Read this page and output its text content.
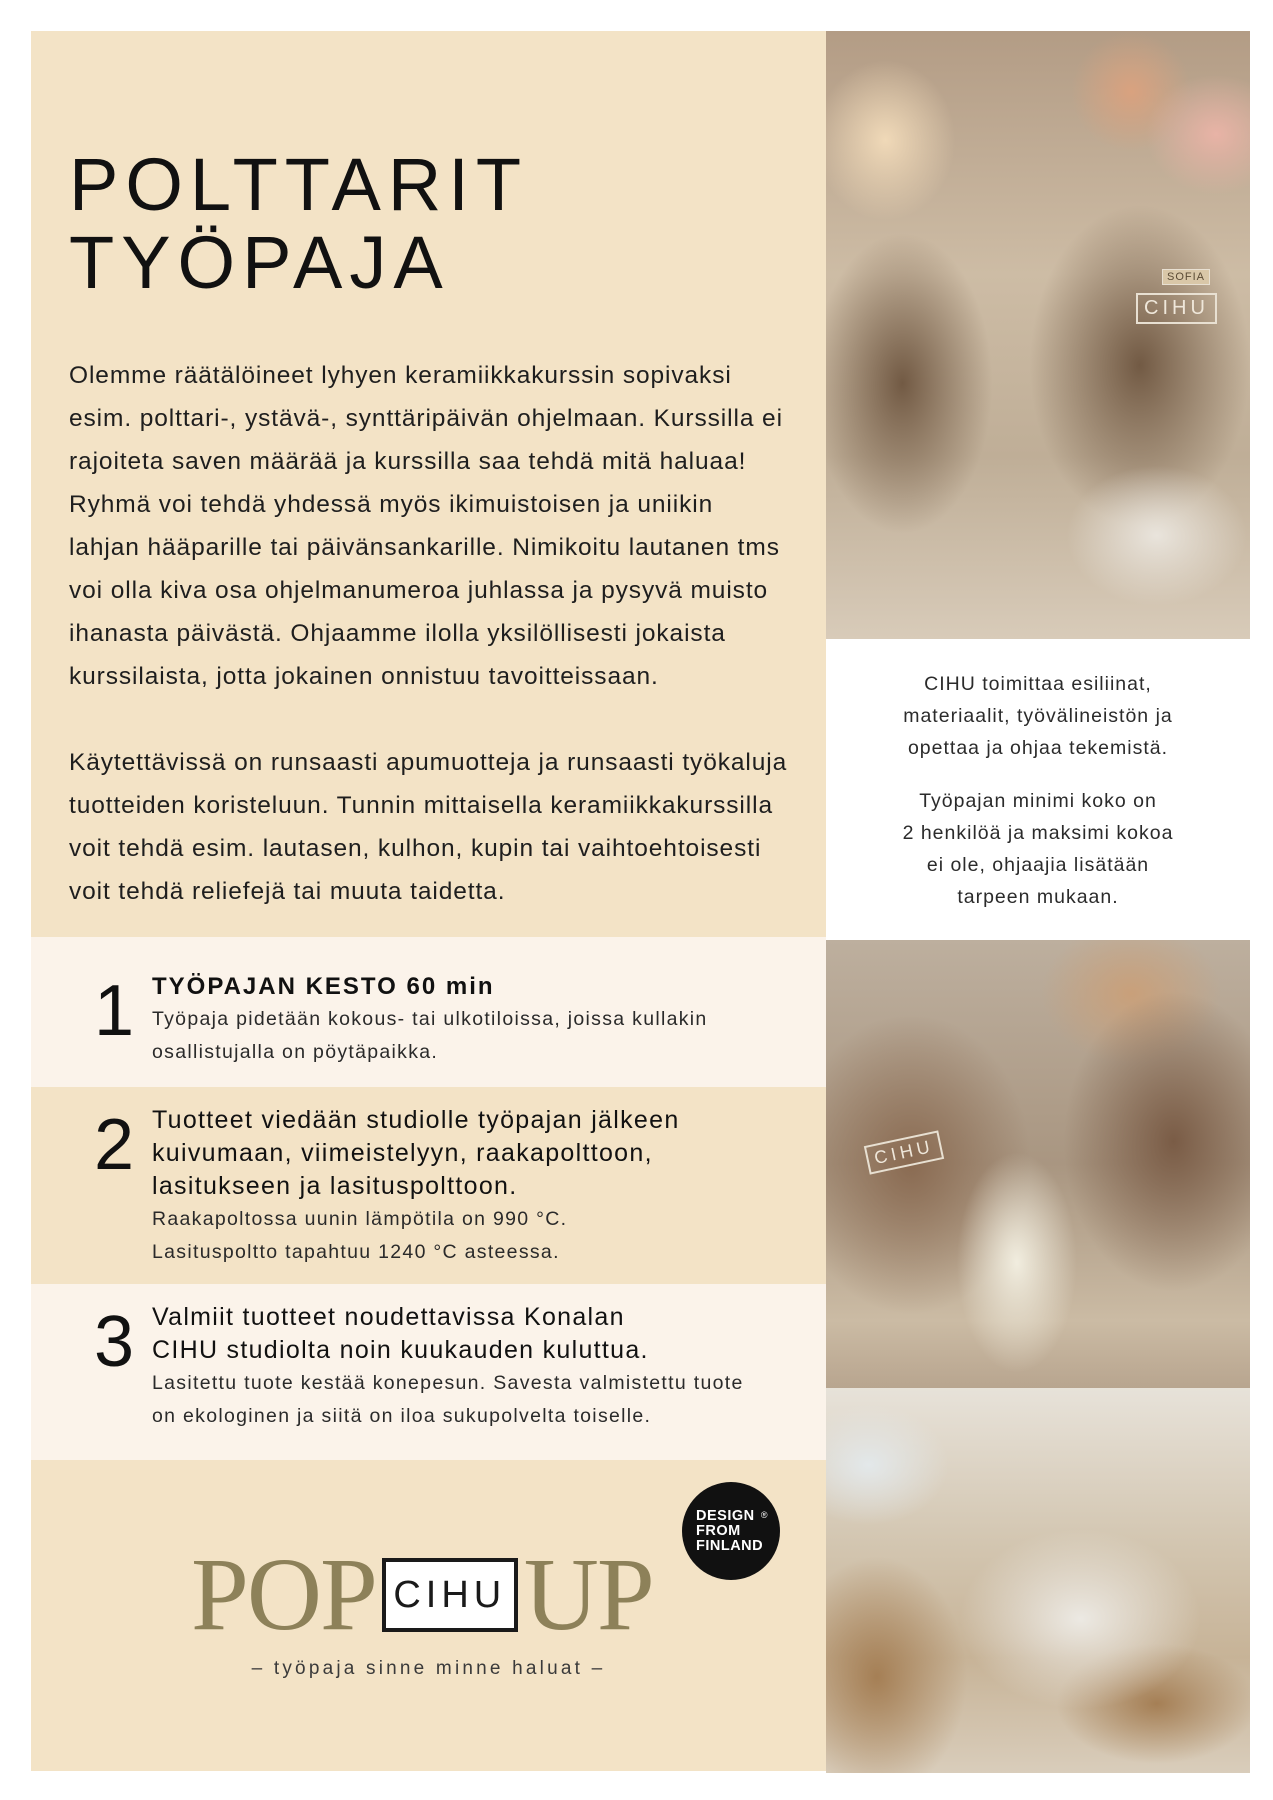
POLTTARIT
TYÖPAJA

Olemme räätälöineet lyhyen keramiikkakurssin sopivaksi esim. polttari-, ystävä-, synttäripäivän ohjelmaan. Kurssilla ei rajoiteta saven määrää ja kurssilla saa tehdä mitä haluaa! Ryhmä voi tehdä yhdessä myös ikimuistoisen ja uniikin lahjan hääparille tai päivänsankarille. Nimikoitu lautanen tms voi olla kiva osa ohjelmanumeroa juhlassa ja pysyvä muisto ihanasta päivästä. Ohjaamme ilolla yksilöllisesti jokaista kurssilaista, jotta jokainen onnistuu tavoitteissaan.

Käytettävissä on runsaasti apumuotteja ja runsaasti työkaluja tuotteiden koristeluun. Tunnin mittaisella keramiikkakurssilla voit tehdä esim. lautasen, kulhon, kupin tai vaihtoehtoisesti voit tehdä reliefejä tai muuta taidetta.

1 TYÖPAJAN KESTO 60 min
Työpaja pidetään kokous- tai ulkotiloissa, joissa kullakin
osallistujalla on pöytäpaikka.
2 Tuotteet viedään studiolle työpajan jälkeen
kuivumaan, viimeistelyyn, raakapolttoon,
lasitukseen ja lasituspolttoon.
Raakapoltossa uunin lämpötila on 990 °C.
Lasituspoltto tapahtuu 1240 °C asteessa.
3 Valmiit tuotteet noudettavissa Konalan
CIHU studiolta noin kuukauden kuluttua.
Lasitettu tuote kestää konepesun. Savesta valmistettu tuote
on ekologinen ja siitä on iloa sukupolvelta toiselle.
DESIGN
FROM
FINLAND
®
POP CIHU UP
– työpaja sinne minne haluat –
CIHU
SOFIA

CIHU toimittaa esiliinat,
materiaalit, työvälineistön ja
opettaa ja ohjaa tekemistä.

Työpajan minimi koko on
2 henkilöä ja maksimi kokoa
ei ole, ohjaajia lisätään
tarpeen mukaan.

CIHU
